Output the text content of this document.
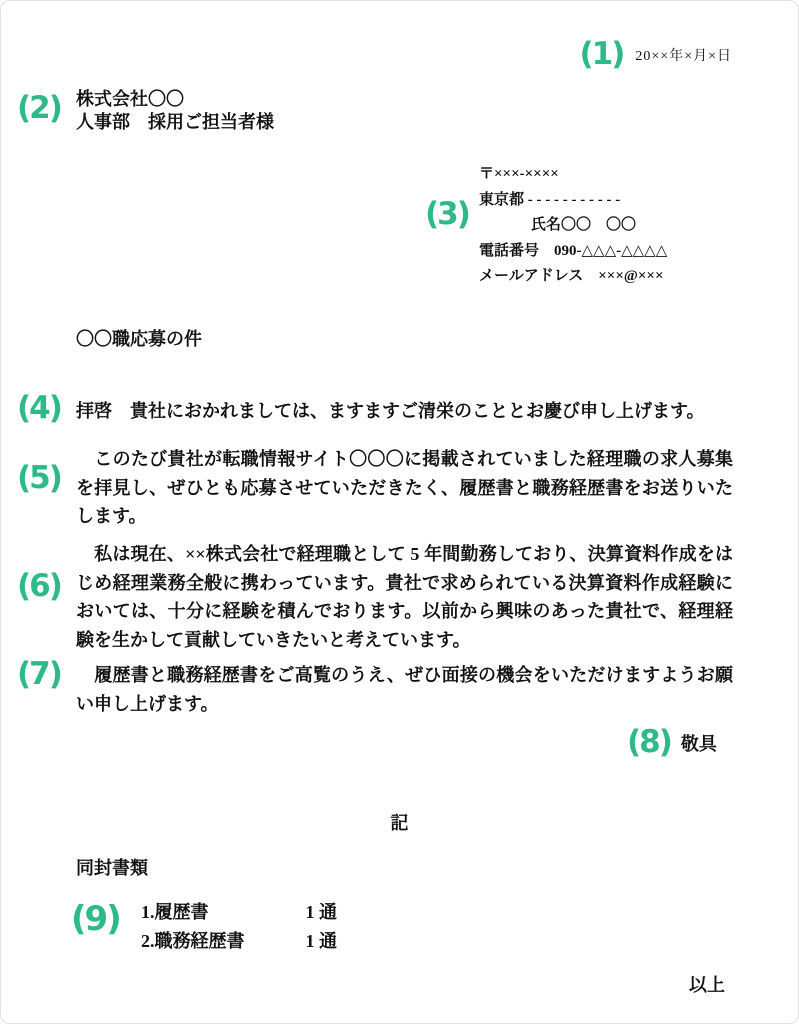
(1) 20××年×月×日
(2) 株式会社〇〇
人事部　採用ご担当者様
(3)
〒×××-××××
東京都 - - - - - - - - - - -
氏名〇〇　〇〇
電話番号　090-△△△-△△△△
メールアドレス　×××@×××
〇〇職応募の件
(4) 拝啓　貴社におかれましては、ますますご清栄のこととお慶び申し上げます。

(5)

　このたび貴社が転職情報サイト〇〇〇に掲載されていました経理職の求人募集を拝見し、ぜひとも応募させていただきたく、履歴書と職務経歴書をお送りいたします。

(6)

　私は現在、××株式会社で経理職として 5 年間勤務しており、決算資料作成をはじめ経理業務全般に携わっています。貴社で求められている決算資料作成経験においては、十分に経験を積んでおります。以前から興味のあった貴社で、経理経験を生かして貢献していきたいと考えています。

(7) 　履歴書と職務経歴書をご高覧のうえ、ぜひ面接の機会をいただけますようお願い申し上げます。

(8) 敬具
記
同封書類
(9) 1.履歴書	1 通
2.職務経歴書	1 通
以上
